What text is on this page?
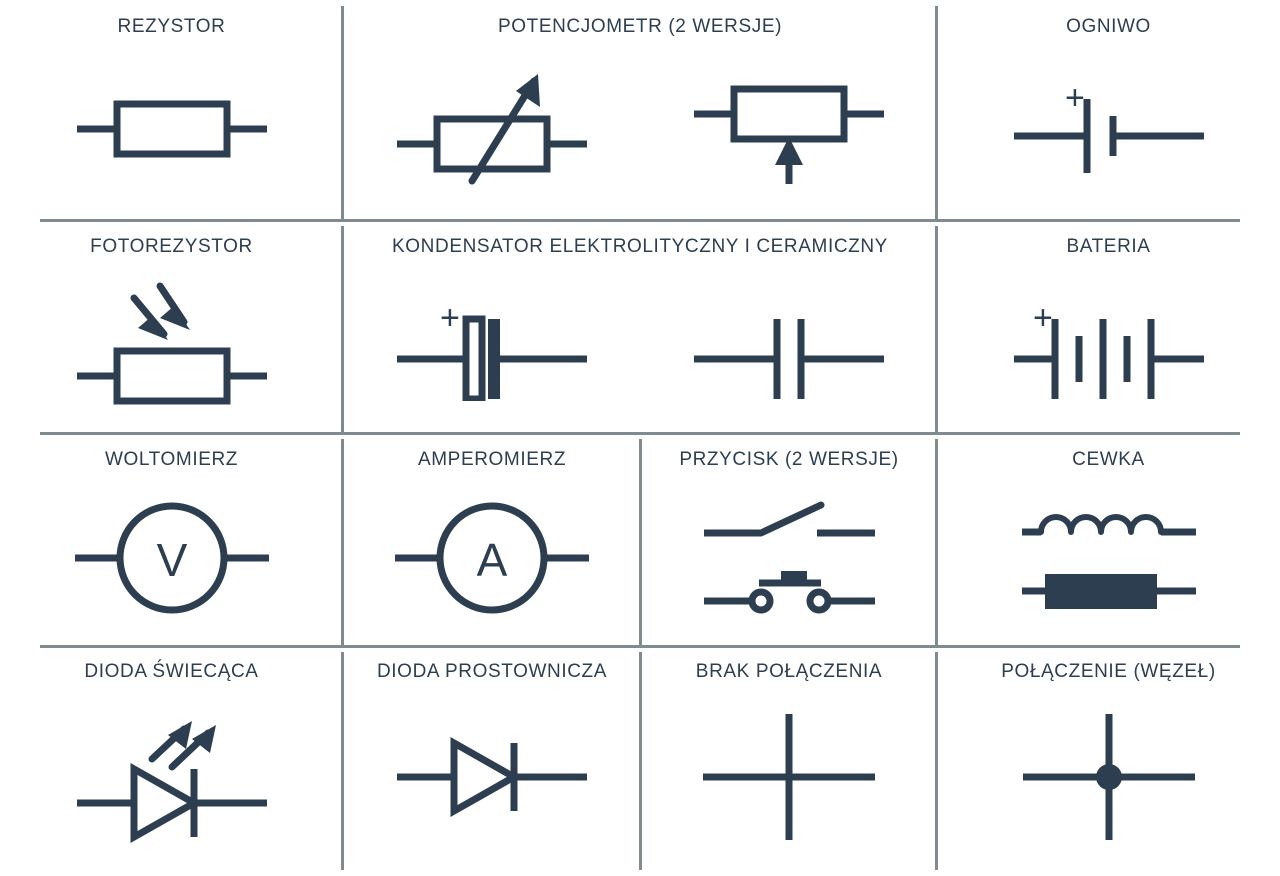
REZYSTOR	POTENCJOMETR (2 WERSJE)	OGNIWO
+
FOTOREZYSTOR	KONDENSATOR ELEKTROLITYCZNY I CERAMICZNY
+
BATERIA
+
WOLTOMIERZ
V
AMPEROMIERZ
A
PRZYCISK (2 WERSJE)	CEWKA
DIODA ŚWIECĄCA	DIODA PROSTOWNICZA	BRAK POŁĄCZENIA	POŁĄCZENIE (WĘZEŁ)
